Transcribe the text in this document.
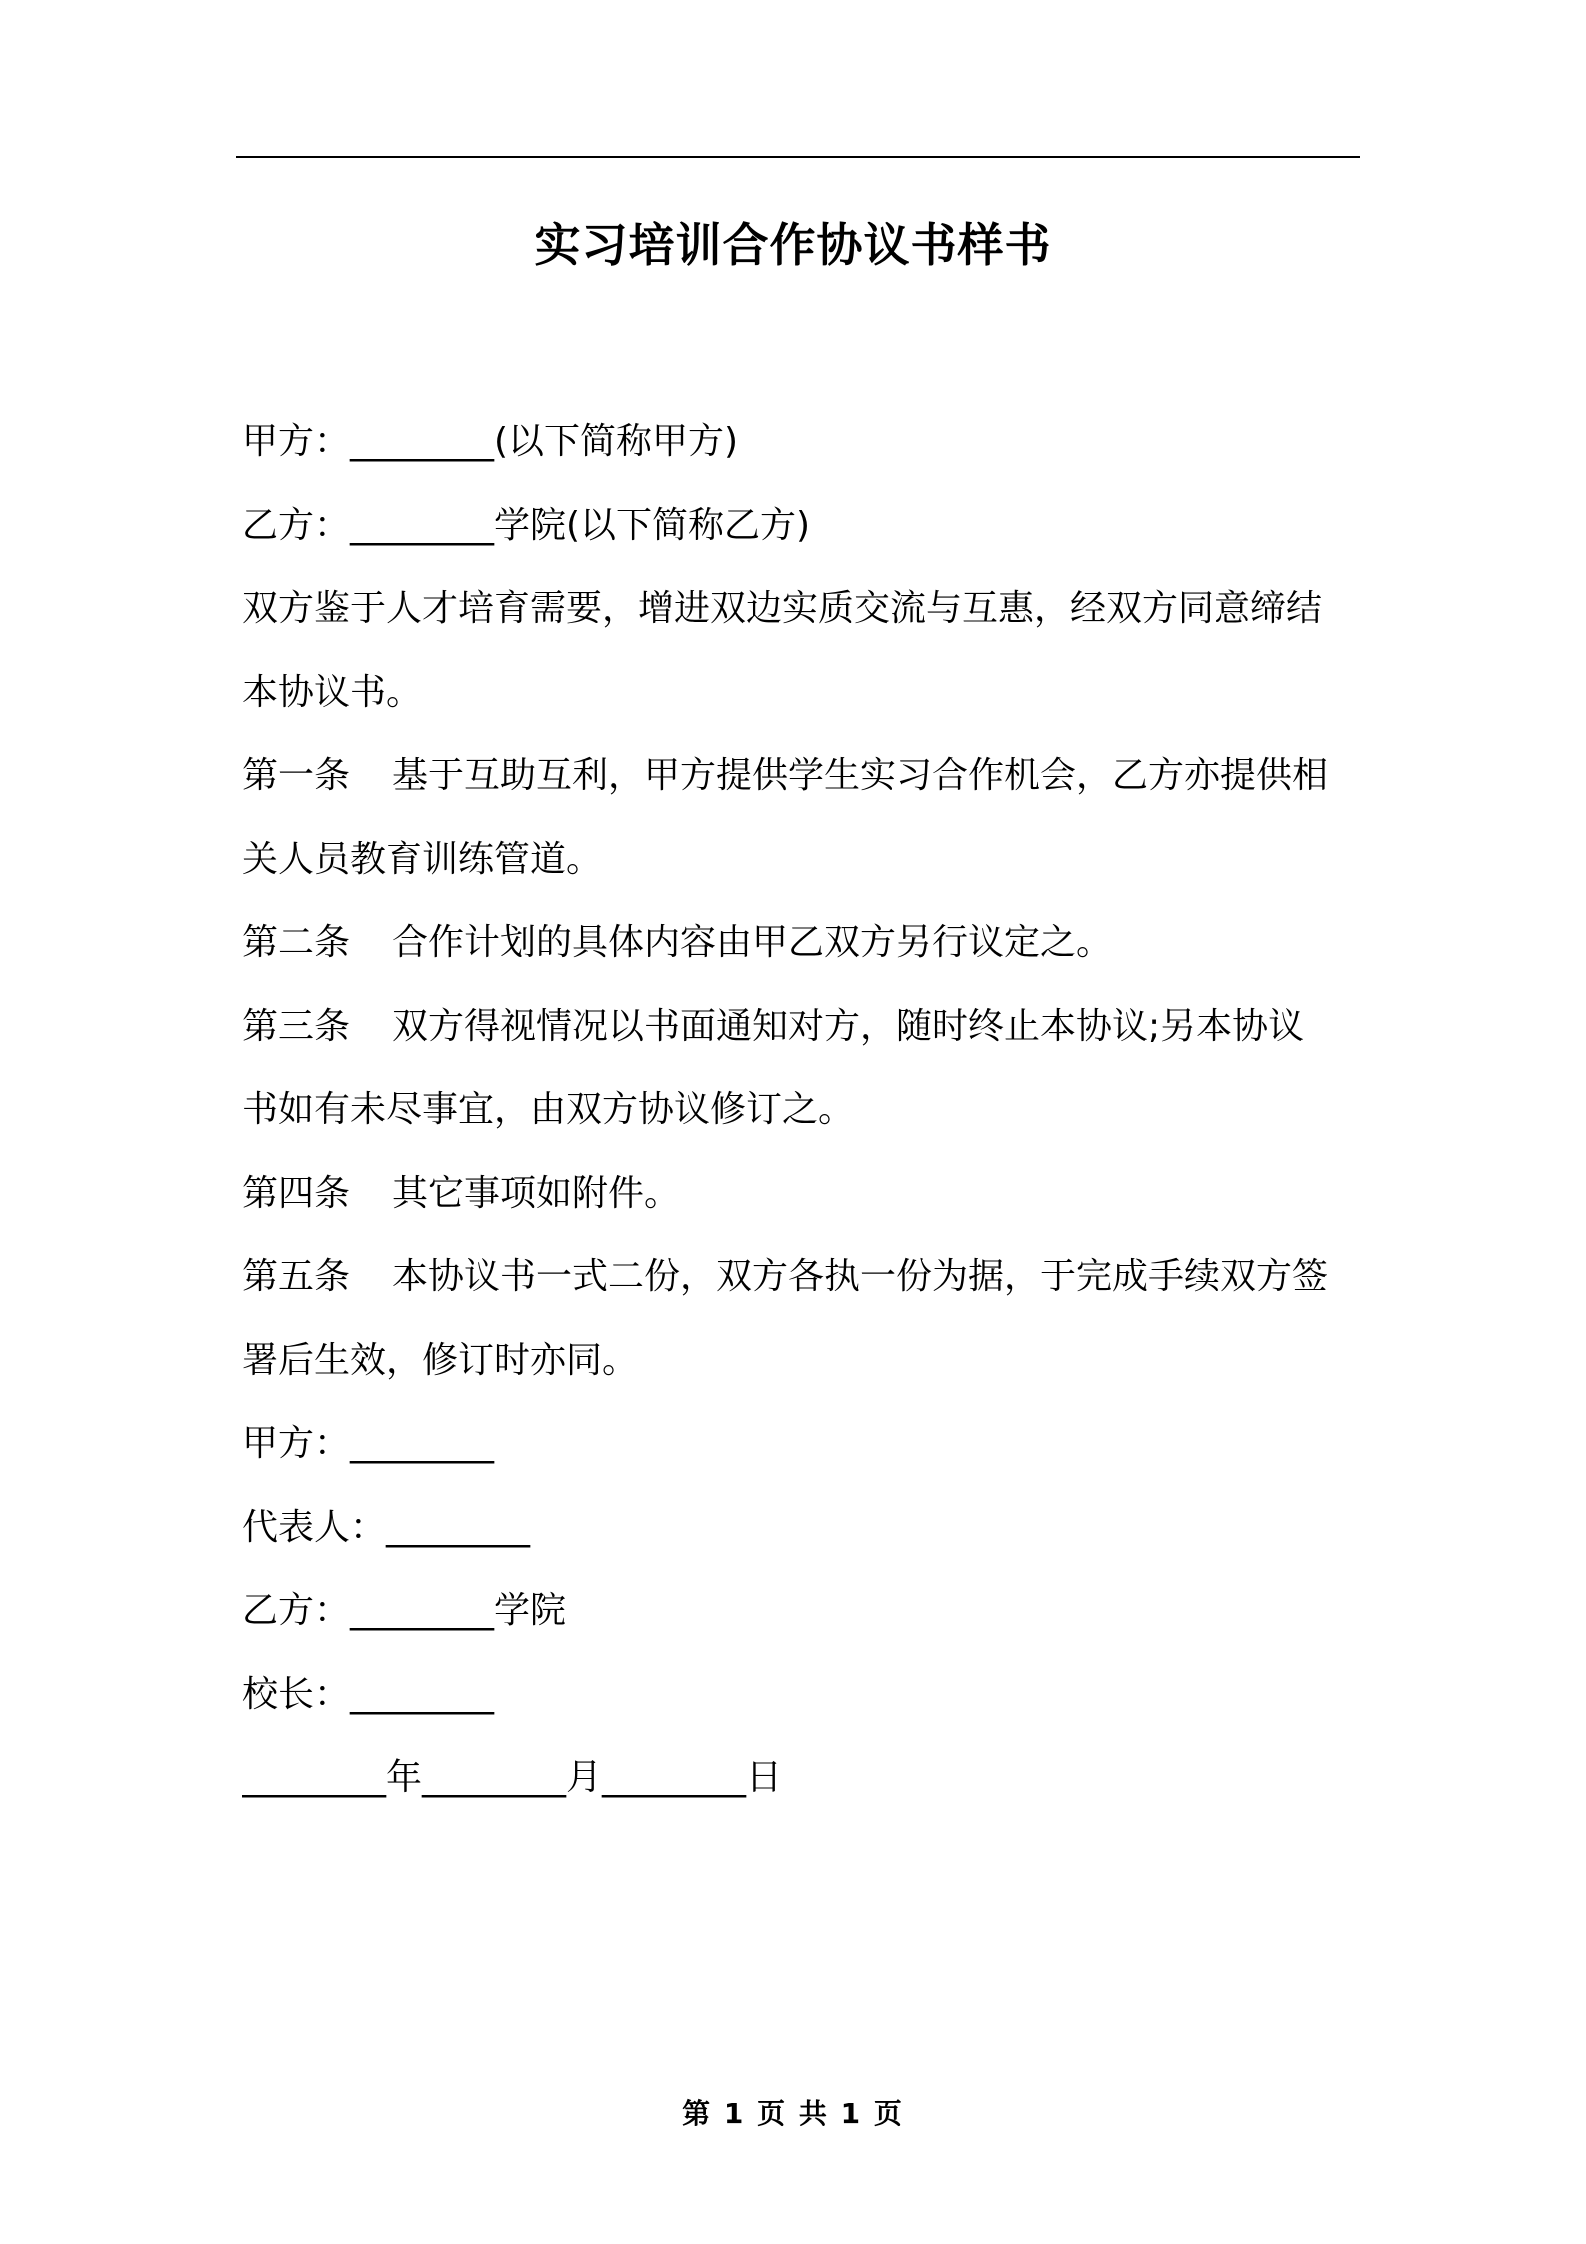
实习培训合作协议书样书
甲方：________(以下简称甲方)
乙方：________学院(以下简称乙方)
双方鉴于人才培育需要，增进双边实质交流与互惠，经双方同意缔结
本协议书。
第一条 基于互助互利，甲方提供学生实习合作机会，乙方亦提供相
关人员教育训练管道。
第二条 合作计划的具体内容由甲乙双方另行议定之。
第三条 双方得视情况以书面通知对方，随时终止本协议;另本协议
书如有未尽事宜，由双方协议修订之。
第四条 其它事项如附件。
第五条 本协议书一式二份，双方各执一份为据，于完成手续双方签
署后生效，修订时亦同。
甲方：________
代表人：________
乙方：________学院
校长：________
________年________月________日
第 1 页 共 1 页
